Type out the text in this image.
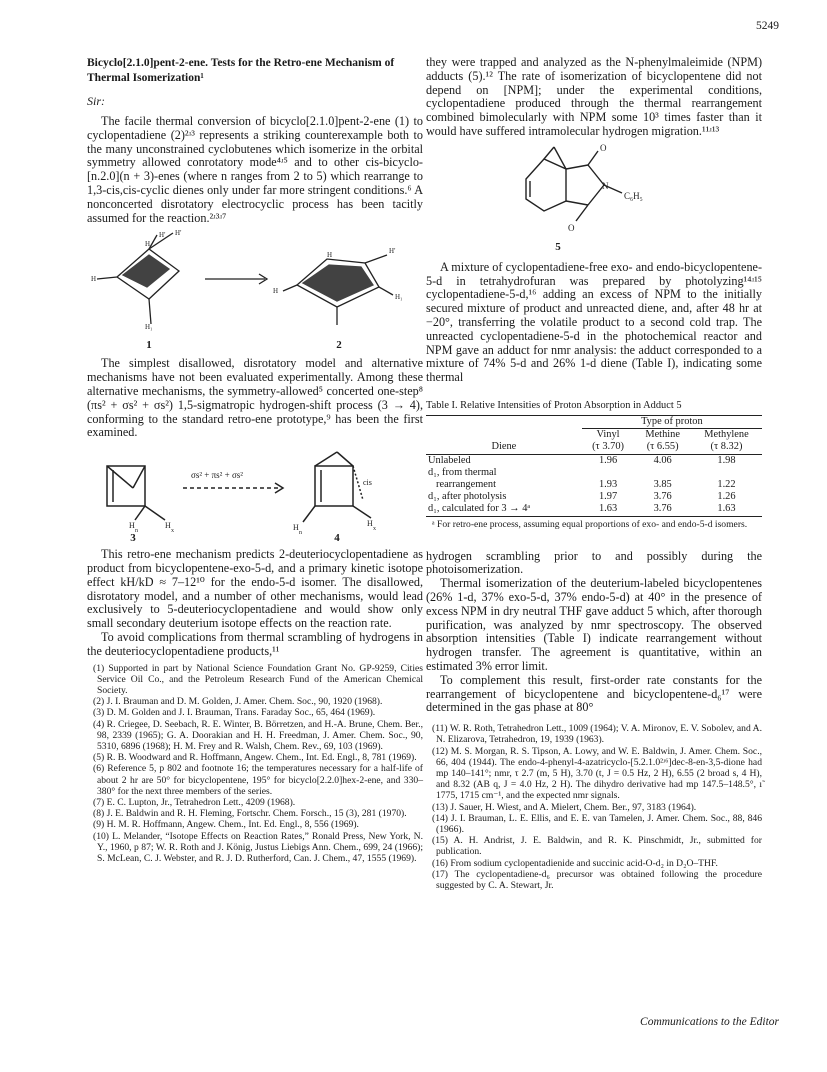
5249
Bicyclo[2.1.0]pent-2-ene. Tests for the Retro-ene Mechanism of Thermal Isomerization¹
Sir:

The facile thermal conversion of bicyclo[2.1.0]pent-2-ene (1) to cyclopentadiene (2)²ʴ³ represents a striking counterexample both to the many unconstrained cyclobutenes which isomerize in the orbital symmetry allowed conrotatory mode⁴ʴ⁵ and to other cis-bicyclo-[n.2.0](n + 3)-enes (where n ranges from 2 to 5) which rearrange to 1,3-cis,cis-cyclic dienes only under far more stringent conditions.⁶ A nonconcerted disrotatory electrocyclic process has been tacitly assumed for the reaction.²ʴ³ʴ⁷

H
H′ H′
H
H₁
H	H′
H₁
H
1	2

The simplest disallowed, disrotatory model and alternative mechanisms have not been evaluated experimentally. Among these alternative mechanisms, the symmetry-allowed⁵ concerted one-step⁸ (πs² + σs² + σs²) 1,5-sigmatropic hydrogen-shift process (3 → 4), conforming to the standard retro-ene prototype,⁹ has been the first examined.

H
n
H
x
H
x
H
n
σs² + πs² + σs²
cis
3	4

This retro-ene mechanism predicts 2-deuteriocyclopentadiene as product from bicyclopentene-exo-5-d, and a primary kinetic isotope effect kH/kD ≈ 7–12¹⁰ for the endo-5-d isomer. The disallowed, disrotatory model, and a number of other mechanisms, would lead exclusively to 5-deuteriocyclopentadiene and would show only small secondary deuterium isotope effects on the reaction rate.

To avoid complications from thermal scrambling of hydrogens in the deuteriocyclopentadiene products,¹¹

(1) Supported in part by National Science Foundation Grant No. GP-9259, Cities Service Oil Co., and the Petroleum Research Fund of the American Chemical Society.

(2) J. I. Brauman and D. M. Golden, J. Amer. Chem. Soc., 90, 1920 (1968).

(3) D. M. Golden and J. I. Brauman, Trans. Faraday Soc., 65, 464 (1969).

(4) R. Criegee, D. Seebach, R. E. Winter, B. Börretzen, and H.-A. Brune, Chem. Ber., 98, 2339 (1965); G. A. Doorakian and H. H. Freedman, J. Amer. Chem. Soc., 90, 5310, 6896 (1968); H. M. Frey and R. Walsh, Chem. Rev., 69, 103 (1969).

(5) R. B. Woodward and R. Hoffmann, Angew. Chem., Int. Ed. Engl., 8, 781 (1969).

(6) Reference 5, p 802 and footnote 16; the temperatures necessary for a half-life of about 2 hr are 50° for bicyclopentene, 195° for bicyclo[2.2.0]hex-2-ene, and 330–380° for the next three members of the series.

(7) E. C. Lupton, Jr., Tetrahedron Lett., 4209 (1968).

(8) J. E. Baldwin and R. H. Fleming, Fortschr. Chem. Forsch., 15 (3), 281 (1970).

(9) H. M. R. Hoffmann, Angew. Chem., Int. Ed. Engl., 8, 556 (1969).

(10) L. Melander, “Isotope Effects on Reaction Rates,” Ronald Press, New York, N. Y., 1960, p 87; W. R. Roth and J. König, Justus Liebigs Ann. Chem., 699, 24 (1966); S. McLean, C. J. Webster, and R. J. D. Rutherford, Can. J. Chem., 47, 1555 (1969).

they were trapped and analyzed as the N-phenylmaleimide (NPM) adducts (5).¹² The rate of isomerization of bicyclopentene did not depend on [NPM]; under the experimental conditions, cyclopentadiene produced through the thermal rearrangement combined bimolecularly with NPM some 10³ times faster than it would have suffered intramolecular hydrogen migration.¹¹ʴ¹³

O
O
N
C₆H₅
5

A mixture of cyclopentadiene-free exo- and endo-bicyclopentene-5-d in tetrahydrofuran was prepared by photolyzing¹⁴ʴ¹⁵ cyclopentadiene-5-d,¹⁶ adding an excess of NPM to the initially secured mixture of product and unreacted diene, and, after 48 hr at −20°, transferring the volatile product to a second cold trap. The unreacted cyclopentadiene-5-d in the photochemical reactor and NPM gave an adduct for nmr analysis: the adduct corresponded to a mixture of 74% 5-d and 26% 1-d diene (Table I), indicating some thermal

Table I. Relative Intensities of Proton Absorption in Adduct 5

	Type of proton		
	Vinyl	Methine	Methylene
Diene	(τ 3.70)	(τ 6.55)	(τ 8.32)
Unlabeled	1.96	4.06	1.98
d₁, from thermal			
rearrangement	1.93	3.85	1.22
d₁, after photolysis	1.97	3.76	1.26
d₁, calculated for 3 → 4ᵃ	1.63	3.76	1.63

ᵃ For retro-ene process, assuming equal proportions of exo- and endo-5-d isomers.

hydrogen scrambling prior to and possibly during the photoisomerization.

Thermal isomerization of the deuterium-labeled bicyclopentenes (26% 1-d, 37% exo-5-d, 37% endo-5-d) at 40° in the presence of excess NPM in dry neutral THF gave adduct 5 which, after thorough purification, was analyzed by nmr spectroscopy. The observed absorption intensities (Table I) indicate rearrangement without hydrogen transfer. The agreement is quantitative, within an estimated 3% error limit.

To complement this result, first-order rate constants for the rearrangement of bicyclopentene and bicyclopentene-d₆¹⁷ were determined in the gas phase at 80°

(11) W. R. Roth, Tetrahedron Lett., 1009 (1964); V. A. Mironov, E. V. Sobolev, and A. N. Elizarova, Tetrahedron, 19, 1939 (1963).

(12) M. S. Morgan, R. S. Tipson, A. Lowy, and W. E. Baldwin, J. Amer. Chem. Soc., 66, 404 (1944). The endo-4-phenyl-4-azatricyclo-[5.2.1.0²ʴ⁶]dec-8-en-3,5-dione had mp 140–141°; nmr, τ 2.7 (m, 5 H), 3.70 (t, J = 0.5 Hz, 2 H), 6.55 (2 broad s, 4 H), and 8.32 (AB q, J = 4.0 Hz, 2 H). The dihydro derivative had mp 147.5–148.5°, ı̃ 1775, 1715 cm⁻¹, and the expected nmr signals.

(13) J. Sauer, H. Wiest, and A. Mielert, Chem. Ber., 97, 3183 (1964).

(14) J. I. Brauman, L. E. Ellis, and E. E. van Tamelen, J. Amer. Chem. Soc., 88, 846 (1966).

(15) A. H. Andrist, J. E. Baldwin, and R. K. Pinschmidt, Jr., submitted for publication.

(16) From sodium cyclopentadienide and succinic acid-O-d₂ in D₂O–THF.

(17) The cyclopentadiene-d₆ precursor was obtained following the procedure suggested by C. A. Stewart, Jr.

Communications to the Editor
